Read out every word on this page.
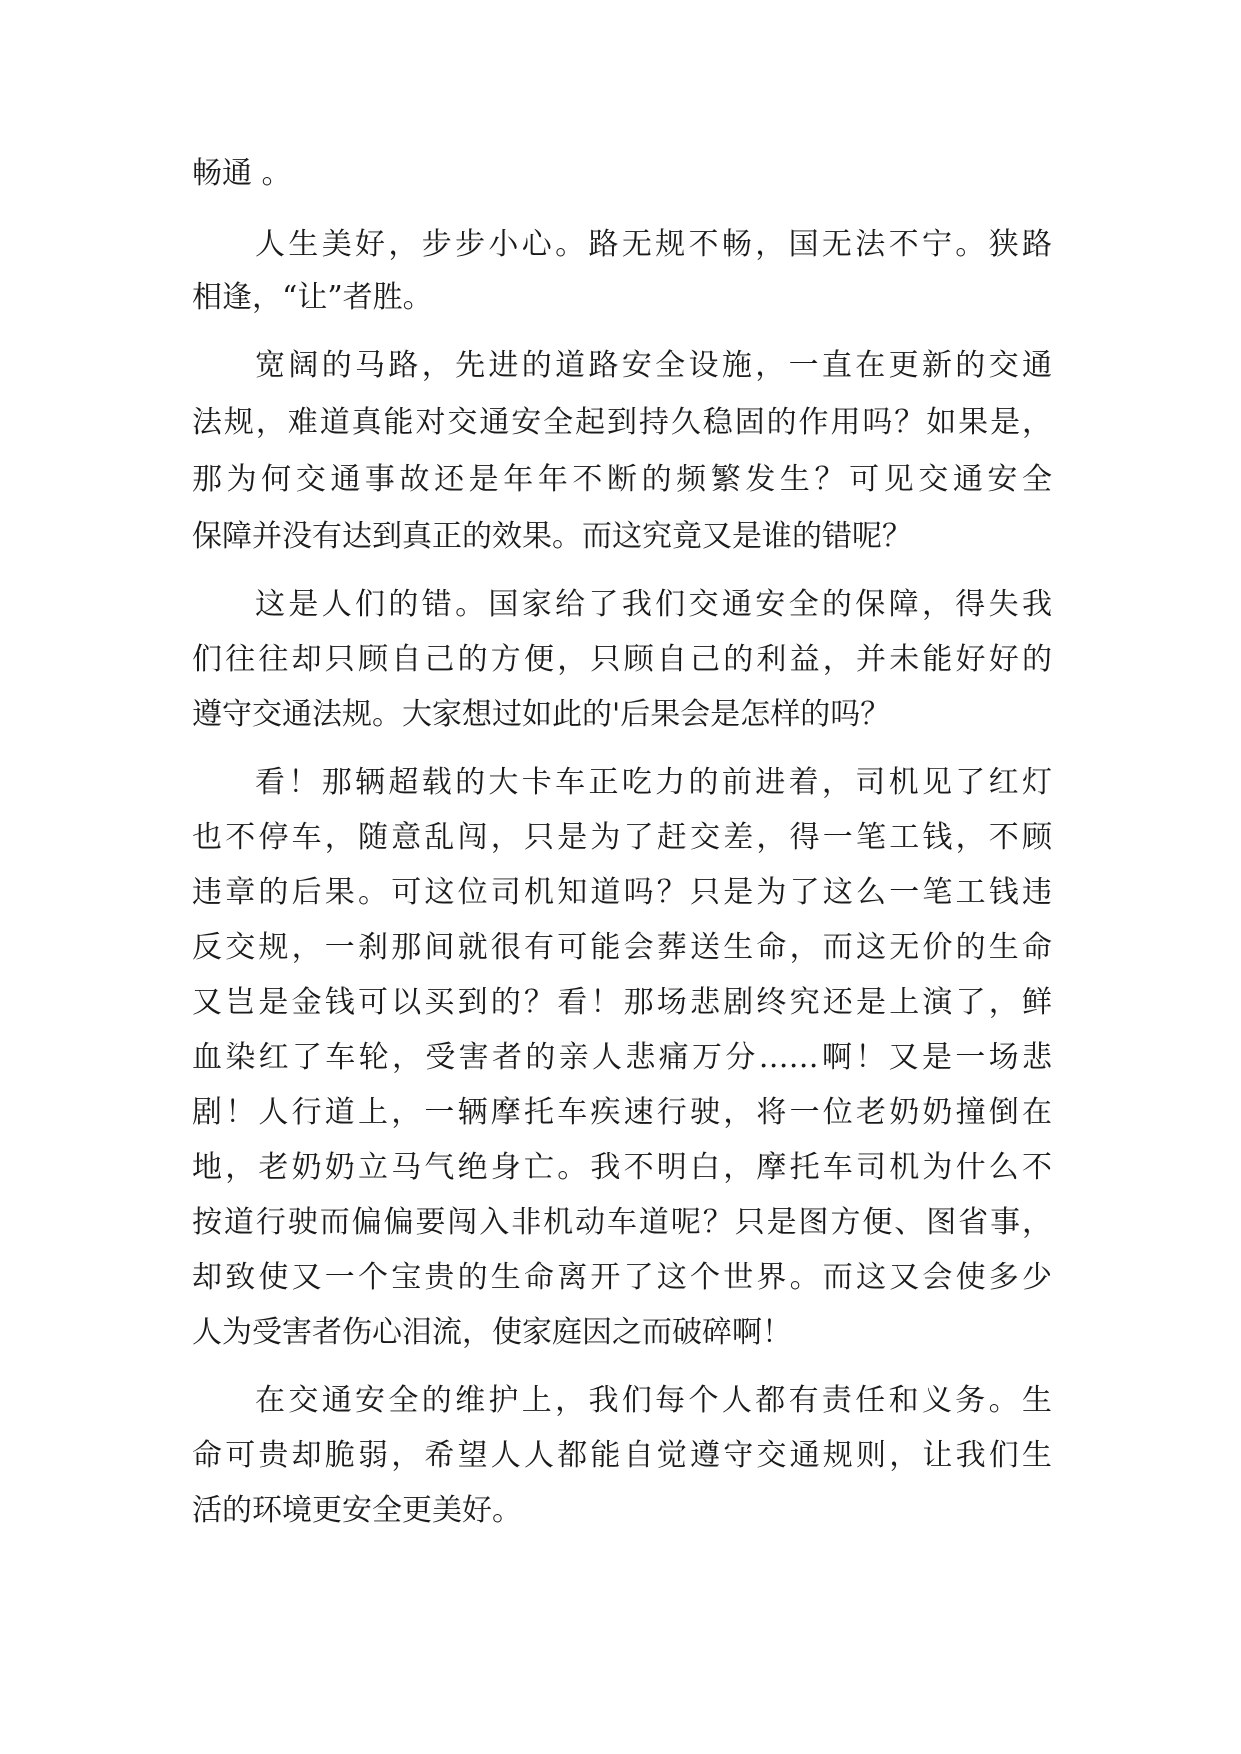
畅通 。

人生美好，步步小心。路无规不畅，国无法不宁。狭路

相逢，“让”者胜。

宽阔的马路，先进的道路安全设施，一直在更新的交通

法规，难道真能对交通安全起到持久稳固的作用吗？如果是，

那为何交通事故还是年年不断的频繁发生？可见交通安全

保障并没有达到真正的效果。而这究竟又是谁的错呢？

这是人们的错。国家给了我们交通安全的保障，得失我

们往往却只顾自己的方便，只顾自己的利益，并未能好好的

遵守交通法规。大家想过如此的'后果会是怎样的吗？

看！那辆超载的大卡车正吃力的前进着，司机见了红灯

也不停车，随意乱闯，只是为了赶交差，得一笔工钱，不顾

违章的后果。可这位司机知道吗？只是为了这么一笔工钱违

反交规，一刹那间就很有可能会葬送生命，而这无价的生命

又岂是金钱可以买到的？看！那场悲剧终究还是上演了，鲜

血染红了车轮，受害者的亲人悲痛万分……啊！又是一场悲

剧！人行道上，一辆摩托车疾速行驶，将一位老奶奶撞倒在

地，老奶奶立马气绝身亡。我不明白，摩托车司机为什么不

按道行驶而偏偏要闯入非机动车道呢？只是图方便、图省事，

却致使又一个宝贵的生命离开了这个世界。而这又会使多少

人为受害者伤心泪流，使家庭因之而破碎啊！

在交通安全的维护上，我们每个人都有责任和义务。生

命可贵却脆弱，希望人人都能自觉遵守交通规则，让我们生

活的环境更安全更美好。
